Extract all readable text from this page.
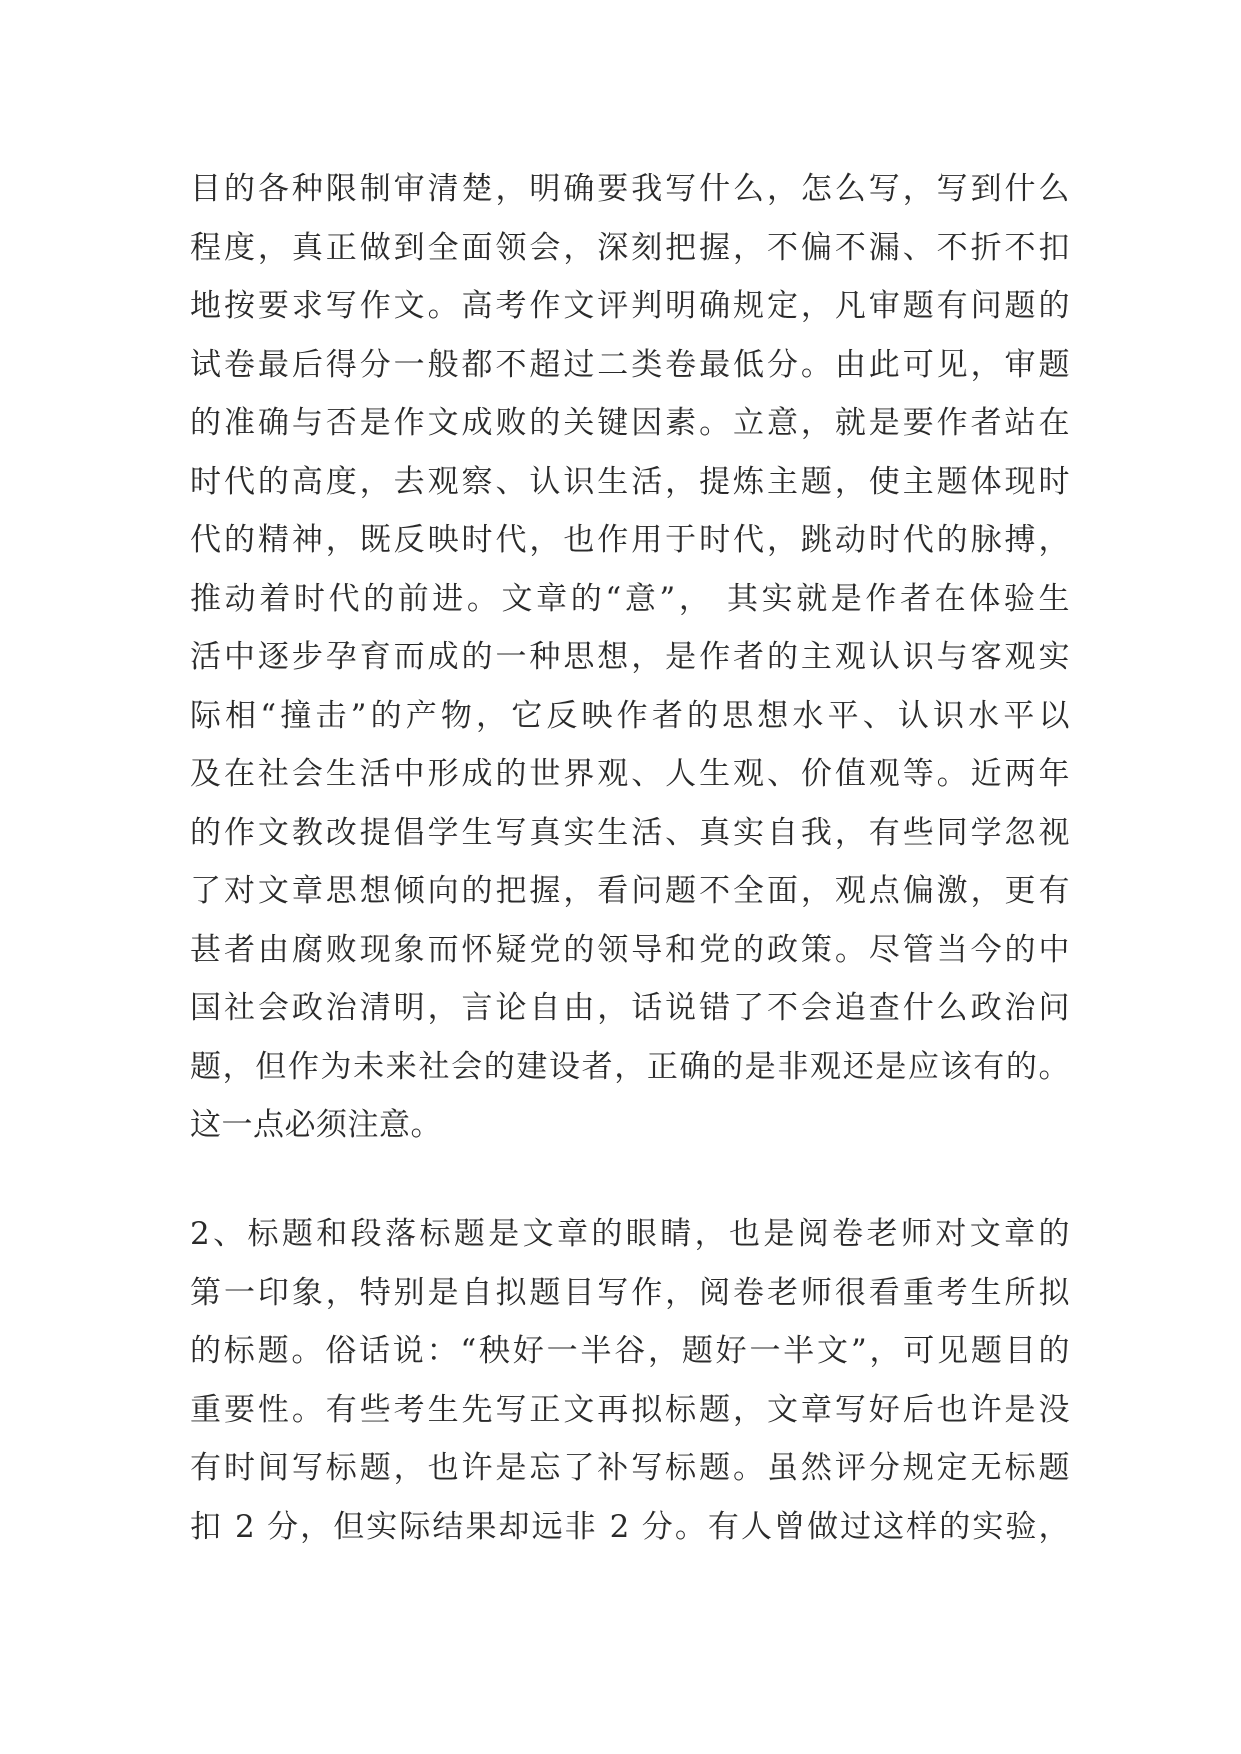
目的各种限制审清楚，明确要我写什么，怎么写，写到什么
程度，真正做到全面领会，深刻把握，不偏不漏、不折不扣
地按要求写作文。高考作文评判明确规定，凡审题有问题的
试卷最后得分一般都不超过二类卷最低分。由此可见，审题
的准确与否是作文成败的关键因素。立意，就是要作者站在
时代的高度，去观察、认识生活，提炼主题，使主题体现时
代的精神，既反映时代，也作用于时代，跳动时代的脉搏，
推动着时代的前进。文章的“意”， 其实就是作者在体验生
活中逐步孕育而成的一种思想，是作者的主观认识与客观实
际相“撞击”的产物，它反映作者的思想水平、认识水平以
及在社会生活中形成的世界观、人生观、价值观等。近两年
的作文教改提倡学生写真实生活、真实自我，有些同学忽视
了对文章思想倾向的把握，看问题不全面，观点偏激，更有
甚者由腐败现象而怀疑党的领导和党的政策。尽管当今的中
国社会政治清明，言论自由，话说错了不会追查什么政治问
题，但作为未来社会的建设者，正确的是非观还是应该有的。
这一点必须注意。
2、标题和段落标题是文章的眼睛，也是阅卷老师对文章的
第一印象，特别是自拟题目写作，阅卷老师很看重考生所拟
的标题。俗话说：“秧好一半谷，题好一半文”，可见题目的
重要性。有些考生先写正文再拟标题，文章写好后也许是没
有时间写标题，也许是忘了补写标题。虽然评分规定无标题
扣 2 分，但实际结果却远非 2 分。有人曾做过这样的实验，
